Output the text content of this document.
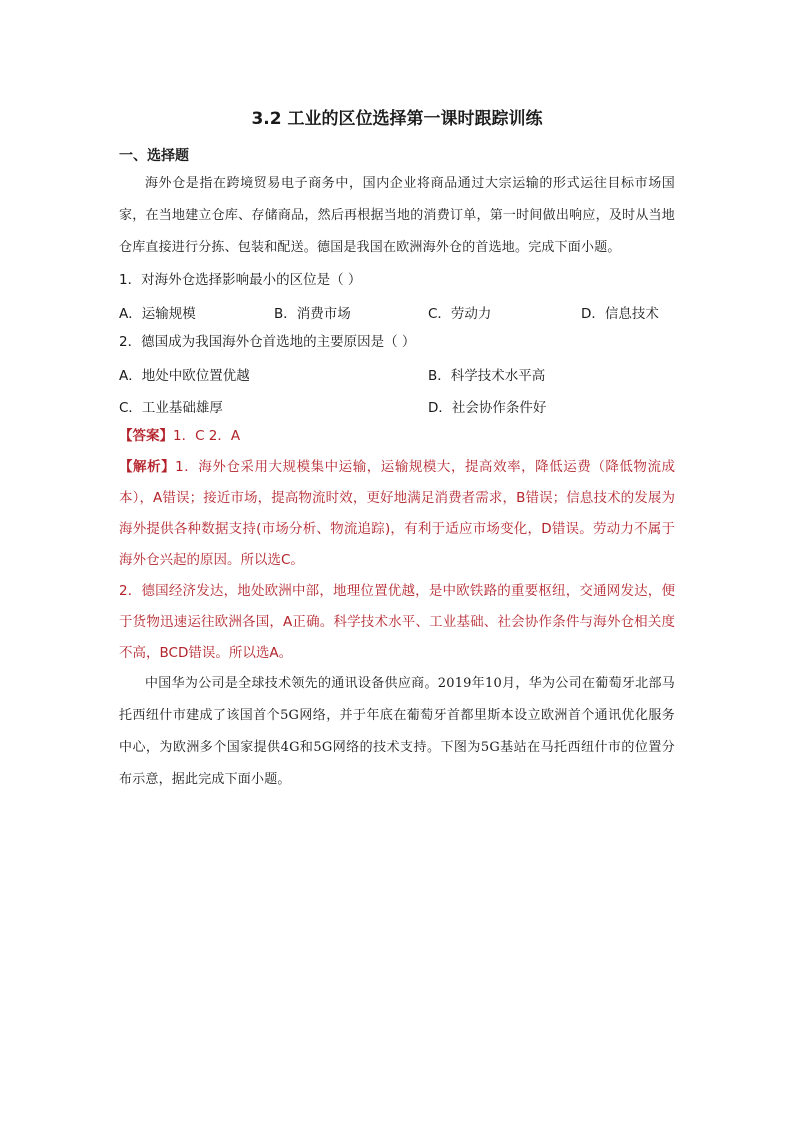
3.2 工业的区位选择第一课时跟踪训练
一、选择题
海外仓是指在跨境贸易电子商务中，国内企业将商品通过大宗运输的形式运往目标市场国家，在当地建立仓库、存储商品，然后再根据当地的消费订单，第一时间做出响应，及时从当地仓库直接进行分拣、包装和配送。德国是我国在欧洲海外仓的首选地。完成下面小题。
1．对海外仓选择影响最小的区位是（ ）
A．运输规模	B．消费市场	C．劳动力	D．信息技术
2．德国成为我国海外仓首选地的主要原因是（ ）
A．地处中欧位置优越	B．科学技术水平高
C．工业基础雄厚	D．社会协作条件好
【答案】1．C 2．A
【解析】1．海外仓采用大规模集中运输，运输规模大，提高效率，降低运费（降低物流成本），A错误；接近市场，提高物流时效，更好地满足消费者需求，B错误；信息技术的发展为海外提供各种数据支持(市场分析、物流追踪)，有利于适应市场变化，D错误。劳动力不属于海外仓兴起的原因。所以选C。
2．德国经济发达，地处欧洲中部，地理位置优越，是中欧铁路的重要枢纽，交通网发达，便于货物迅速运往欧洲各国，A正确。科学技术水平、工业基础、社会协作条件与海外仓相关度不高，BCD错误。所以选A。
中国华为公司是全球技术领先的通讯设备供应商。2019年10月，华为公司在葡萄牙北部马托西纽什市建成了该国首个5G网络，并于年底在葡萄牙首都里斯本设立欧洲首个通讯优化服务中心，为欧洲多个国家提供4G和5G网络的技术支持。下图为5G基站在马托西纽什市的位置分布示意，据此完成下面小题。
